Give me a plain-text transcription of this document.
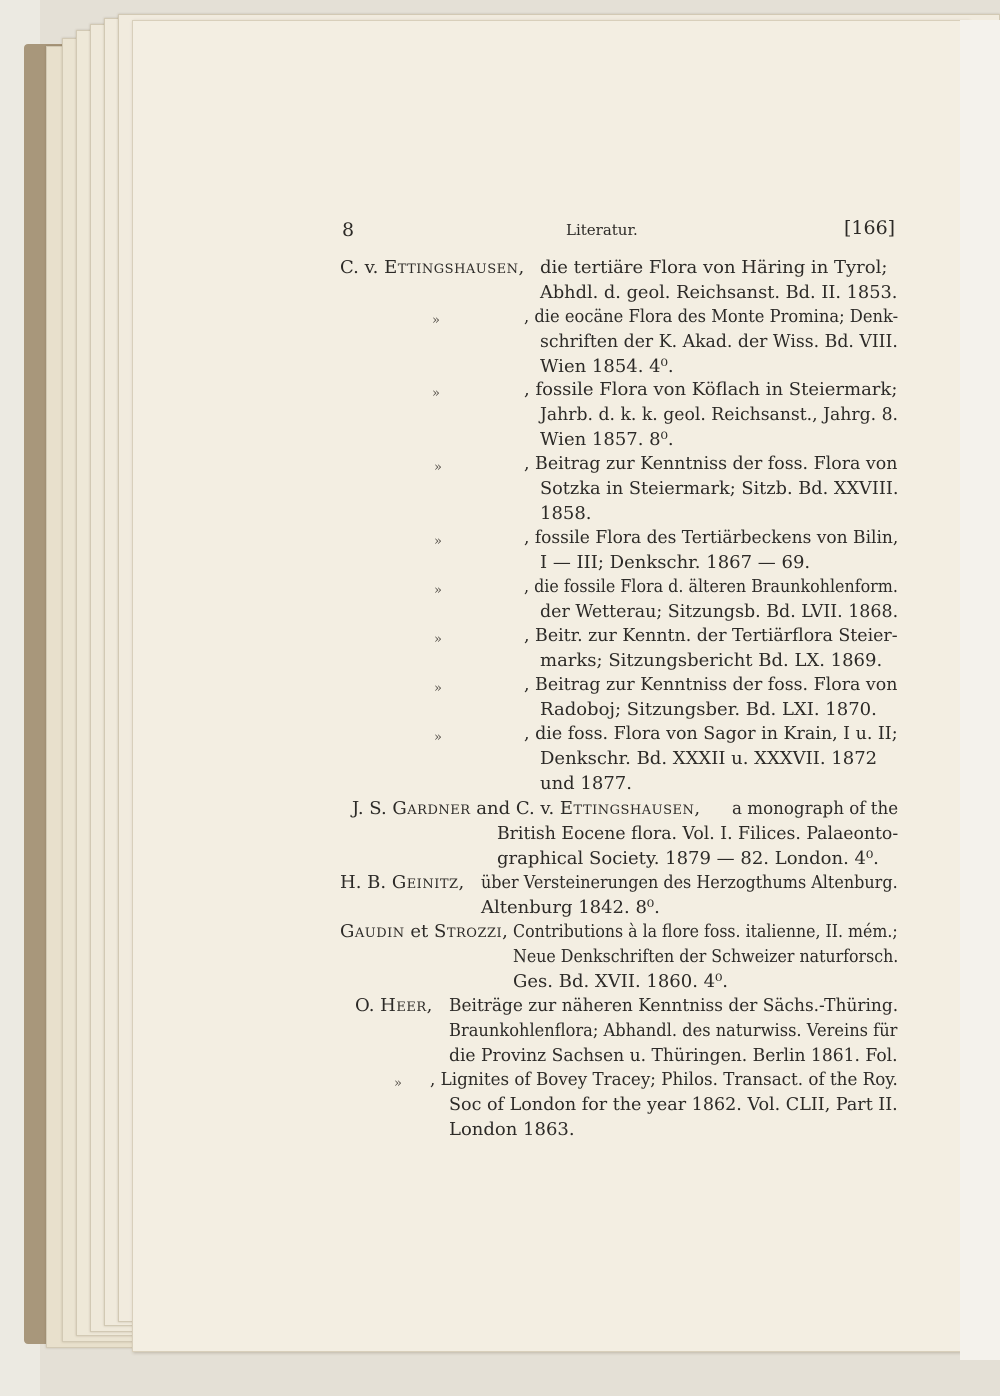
8	Literatur.	[166]
C. v. Ettingshausen, die tertiäre Flora von Häring in Tyrol;
Abhdl. d. geol. Reichsanst. Bd. II. 1853.
»	, die eocäne Flora des Monte Promina; Denk-
schriften der K. Akad. der Wiss. Bd. VIII.
Wien 1854. 4⁰.
»	, fossile Flora von Köflach in Steiermark;
Jahrb. d. k. k. geol. Reichsanst., Jahrg. 8.
Wien 1857. 8⁰.
»	, Beitrag zur Kenntniss der foss. Flora von
Sotzka in Steiermark; Sitzb. Bd. XXVIII.
1858.
»	, fossile Flora des Tertiärbeckens von Bilin,
I — III; Denkschr. 1867 — 69.
»	, die fossile Flora d. älteren Braunkohlenform.
der Wetterau; Sitzungsb. Bd. LVII. 1868.
»	, Beitr. zur Kenntn. der Tertiärflora Steier-
marks; Sitzungsbericht Bd. LX. 1869.
»	, Beitrag zur Kenntniss der foss. Flora von
Radoboj; Sitzungsber. Bd. LXI. 1870.
»	, die foss. Flora von Sagor in Krain, I u. II;
Denkschr. Bd. XXXII u. XXXVII. 1872
und 1877.
J. S. Gardner and C. v. Ettingshausen, a monograph of the
British Eocene flora. Vol. I. Filices. Palaeonto-
graphical Society. 1879 — 82. London. 4⁰.
H. B. Geinitz, über Versteinerungen des Herzogthums Altenburg.
Altenburg 1842. 8⁰.
Gaudin et Strozzi, Contributions à la flore foss. italienne, II. mém.;
Neue Denkschriften der Schweizer naturforsch.
Ges. Bd. XVII. 1860. 4⁰.
O. Heer, Beiträge zur näheren Kenntniss der Sächs.-Thüring.
Braunkohlenflora; Abhandl. des naturwiss. Vereins für
die Provinz Sachsen u. Thüringen. Berlin 1861. Fol.
» , Lignites of Bovey Tracey; Philos. Transact. of the Roy.
Soc of London for the year 1862. Vol. CLII, Part II.
London 1863.
